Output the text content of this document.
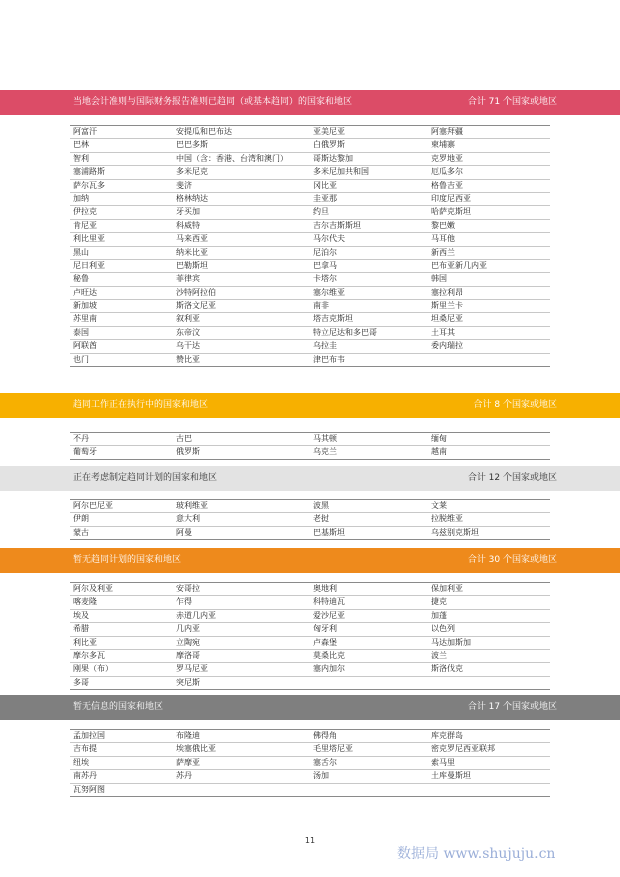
当地会计准则与国际财务报告准则已趋同（或基本趋同）的国家和地区	合计 71 个国家或地区
阿富汗	安提瓜和巴布达	亚美尼亚	阿塞拜疆
巴林	巴巴多斯	白俄罗斯	柬埔寨
智利	中国（含：香港、台湾和澳门）	哥斯达黎加	克罗地亚
塞浦路斯	多米尼克	多米尼加共和国	厄瓜多尔
萨尔瓦多	斐济	冈比亚	格鲁吉亚
加纳	格林纳达	圭亚那	印度尼西亚
伊拉克	牙买加	约旦	哈萨克斯坦
肯尼亚	科威特	吉尔吉斯斯坦	黎巴嫩
利比里亚	马来西亚	马尔代夫	马耳他
黑山	纳米比亚	尼泊尔	新西兰
尼日利亚	巴勒斯坦	巴拿马	巴布亚新几内亚
秘鲁	菲律宾	卡塔尔	韩国
卢旺达	沙特阿拉伯	塞尔维亚	塞拉利昂
新加坡	斯洛文尼亚	南非	斯里兰卡
苏里南	叙利亚	塔吉克斯坦	坦桑尼亚
泰国	东帝汶	特立尼达和多巴哥	土耳其
阿联酋	乌干达	乌拉圭	委内瑞拉
也门	赞比亚	津巴布韦
趋同工作正在执行中的国家和地区	合计 8 个国家或地区
不丹	古巴	马其顿	缅甸
葡萄牙	俄罗斯	乌克兰	越南
正在考虑制定趋同计划的国家和地区	合计 12 个国家或地区
阿尔巴尼亚	玻利维亚	波黑	文莱
伊朗	意大利	老挝	拉脱维亚
蒙古	阿曼	巴基斯坦	乌兹别克斯坦
暂无趋同计划的国家和地区	合计 30 个国家或地区
阿尔及利亚	安哥拉	奥地利	保加利亚
喀麦隆	乍得	科特迪瓦	捷克
埃及	赤道几内亚	爱沙尼亚	加蓬
希腊	几内亚	匈牙利	以色列
利比亚	立陶宛	卢森堡	马达加斯加
摩尔多瓦	摩洛哥	莫桑比克	波兰
刚果（布）	罗马尼亚	塞内加尔	斯洛伐克
多哥	突尼斯
暂无信息的国家和地区	合计 17 个国家或地区
孟加拉国	布隆迪	佛得角	库克群岛
吉布提	埃塞俄比亚	毛里塔尼亚	密克罗尼西亚联邦
纽埃	萨摩亚	塞舌尔	索马里
南苏丹	苏丹	汤加	土库曼斯坦
瓦努阿图
11
数据局 www.shujuju.cn
